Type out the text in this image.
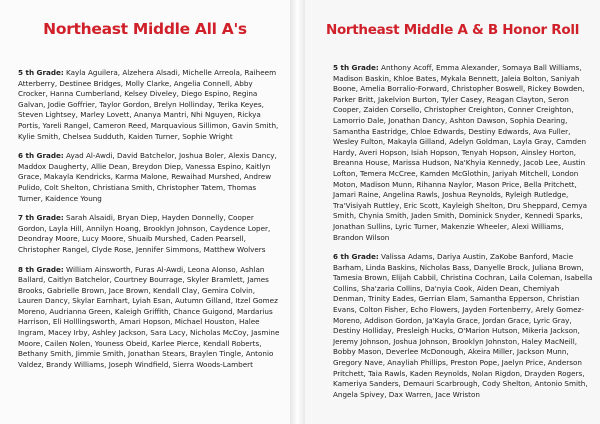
Northeast Middle All A's

5 th Grade: Kayla Aguilera, Alzehera Alsadi, Michelle Arreola, Raiheem Atterberry, Destinee Bridges, Molly Clarke, Angelia Connell, Abby Crocker, Hanna Cumberland, Kelsey Diveley, Diego Espino, Regina Galvan, Jodie Goffrier, Taylor Gordon, Brelyn Hollinday, Terika Keyes, Steven Lightsey, Marley Lovett, Ananya Mantri, Nhi Nguyen, Rickya Portis, Yareli Rangel, Cameron Reed, Marquavious Sillimon, Gavin Smith, Kylie Smith, Chelsea Sudduth, Kaiden Turner, Sophie Wright

6 th Grade: Ayad Al-Awdi, David Batchelor, Joshua Boler, Alexis Dancy, Maddox Daugherty, Allie Dean, Breydon Diep, Vanessa Espino, Kaitlyn Grace, Makayla Kendricks, Karma Malone, Rewaihad Murshed, Andrew Pulido, Colt Shelton, Christiana Smith, Christopher Tatem, Thomas Turner, Kaidence Young

7 th Grade: Sarah Alsaidi, Bryan Diep, Hayden Donnelly, Cooper Gordon, Layla Hill, Annilyn Hoang, Brooklyn Johnson, Caydence Loper, Deondray Moore, Lucy Moore, Shuaib Murshed, Caden Pearsell, Christopher Rangel, Clyde Rose, Jennifer Simmons, Matthew Wolvers

8 th Grade: William Ainsworth, Furas Al-Awdi, Leona Alonso, Ashlan Ballard, Caitlyn Batchelor, Courtney Bourrage, Skyler Bramlett, James Brooks, Gabrielle Brown, Jace Brown, Kendall Clay, Gemira Colvin, Lauren Dancy, Skylar Earnhart, Lyiah Esan, Autumn Gilland, Itzel Gomez Moreno, Audrianna Green, Kaleigh Griffith, Chance Guigond, Mardarius Harrison, Eli Holllingsworth, Amari Hopson, Michael Houston, Halee Ingram, Macey Irby, Ashley Jackson, Sara Lacy, Nicholas McCoy, Jasmine Moore, Cailen Nolen, Youness Obeid, Karlee Pierce, Kendall Roberts, Bethany Smith, Jimmie Smith, Jonathan Stears, Braylen Tingle, Antonio Valdez, Brandy Williams, Joseph Windfield, Sierra Woods-Lambert

Northeast Middle A & B Honor Roll

5 th Grade: Anthony Acoff, Emma Alexander, Somaya Ball Williams, Madison Baskin, Khloe Bates, Mykala Bennett, Jaleia Bolton, Saniyah Boone, Amelia Borralio-Forward, Christopher Boswell, Rickey Bowden, Parker Britt, Jakelvion Burton, Tyler Casey, Reagan Clayton, Seron Cooper, Zaiden Corsello, Christopher Creighton, Conner Creighton, Lamorrio Dale, Jonathan Dancy, Ashton Dawson, Sophia Dearing, Samantha Eastridge, Chloe Edwards, Destiny Edwards, Ava Fuller, Wesley Fulton, Makayla Gilland, Adelyn Goldman, Layla Gray, Camden Hardy, Averi Hopson, Isiah Hopson, Tenyah Hopson, Ainsley Horton, Breanna House, Marissa Hudson, Na'Khyia Kennedy, Jacob Lee, Austin Lofton, Temera McCree, Kamden McGlothin, Jariyah Mitchell, London Moton, Madison Munn, Rihanna Naylor, Mason Price, Bella Pritchett, Jamari Raine, Angelina Rawls, Joshua Reynolds, Ryleigh Rutledge, Tra'Visiyah Ruttley, Eric Scott, Kayleigh Shelton, Dru Sheppard, Cemya Smith, Chynia Smith, Jaden Smith, Dominick Snyder, Kennedi Sparks, Jonathan Sullins, Lyric Turner, Makenzie Wheeler, Alexi Williams, Brandon Wilson

6 th Grade: Valissa Adams, Dariya Austin, ZaKobe Banford, Macie Barham, Linda Baskins, Nicholas Bass, Danyelle Brock, Juliana Brown, Tamesia Brown, Elijah Cabbil, Christina Cochran, Laila Coleman, Isabella Collins, Sha'zaria Collins, Da'nyia Cook, Aiden Dean, Chemiyah Denman, Trinity Eades, Gerrian Elam, Samantha Epperson, Christian Evans, Colton Fisher, Echo Flowers, Jayden Fortenberry, Arely Gomez-Moreno, Addison Gordon, Ja'Kayla Grace, Jordan Grace, Lyric Gray, Destiny Holliday, Presleigh Hucks, O'Marion Hutson, Mikeria Jackson, Jeremy Johnson, Joshua Johnson, Brooklyn Johnston, Haley MacNeill, Bobby Mason, Deverlee McDonough, Akeira Miller, Jackson Munn, Gregory Nave, Anayliah Phillips, Preston Pope, Jaelyn Price, Anderson Pritchett, Taia Rawls, Kaden Reynolds, Nolan Rigdon, Drayden Rogers, Kameriya Sanders, Demauri Scarbrough, Cody Shelton, Antonio Smith, Angela Spivey, Dax Warren, Jace Wriston
